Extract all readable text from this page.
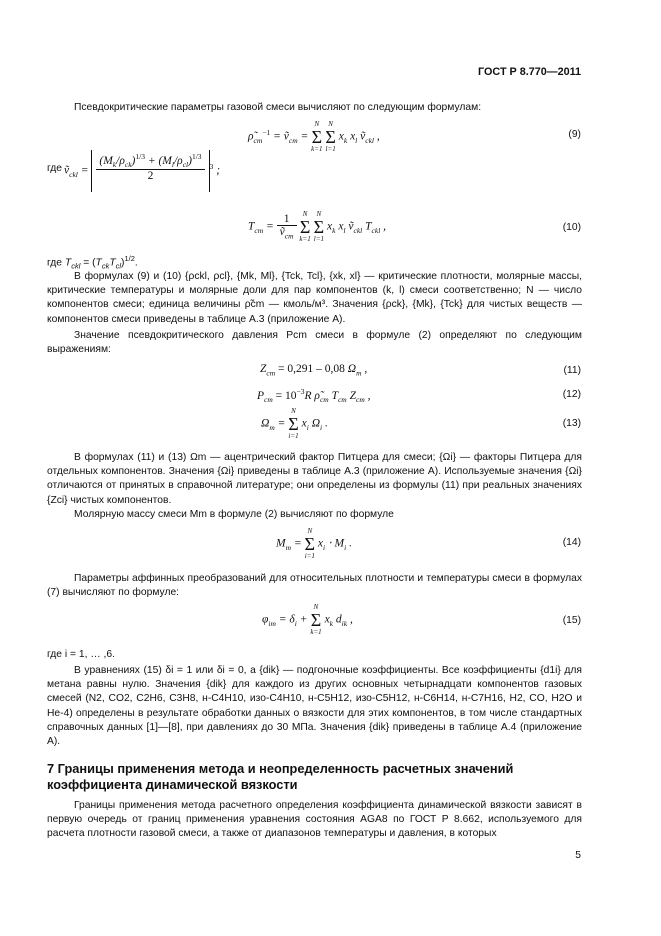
ГОСТ Р 8.770—2011
Псевдокритические параметры газовой смеси вычисляют по следующим формулам:
$\rhõ_{cm}^{-1}$ = ṽ$_{cm}$ =
N
Σ
k=1

N
Σ
l=1
$x_k$ $x_l$ ṽ$_{ckl}$ ,	(9)
где ṽ$_{ckl}$ = $\frac{(M_k/\rho_{ck})^{1/3} + (M_l/\rho_{cl})^{1/3}}{2} ^3$ ;
$T_{cm} = \frac{1}{ṽ_{cm}}$
N
Σ
k=1

N
Σ
l=1
$x_k$ $x_l$ ṽ$_{ckl}$ $T_{ckl}$ ,	(10)
где $T_{ckl} = (T_{ck}T_{cl})^{1/2}$.
В формулах (9) и (10) {ρckl, ρcl}, {Mk, Ml}, {Tck, Tcl}, {xk, xl} — критические плотности, молярные массы, критические температуры и молярные доли для пар компонентов (k, l) смеси соответственно; N — число компонентов смеси; единица величины ρ̃cm — кмоль/м³. Значения {ρck}, {Mk}, {Tck} для чистых веществ — компонентов смеси приведены в таблице А.3 (приложение А).
Значение псевдокритического давления Pcm смеси в формуле (2) определяют по следующим выражениям:
$Z_{cm} = 0,291 - 0,08$ $\Omega_m$ ,	(11)
$P_{cm} = 10^{-3}R$ $\rhõ_{cm}$ $T_{cm}$ $Z_{cm}$ ,	(12)
$\Omega_m$ =
N
Σ
i=1
$x_i$ $\Omega_i$ .	(13)
В формулах (11) и (13) Ωm — ацентрический фактор Питцера для смеси; {Ωi} — факторы Питцера для отдельных компонентов. Значения {Ωi} приведены в таблице А.3 (приложение А). Используемые значения {Ωi} отличаются от принятых в справочной литературе; они определены из формулы (11) при реальных значениях {Zci} чистых компонентов.
Молярную массу смеси Mm в формуле (2) вычисляют по формуле
$M_m$ =
N
Σ
i=1
$x_i \cdot M_i$ .	(14)
Параметры аффинных преобразований для относительных плотности и температуры смеси в формулах (7) вычисляют по формуле:
$\varphi_{im} = \delta_i$ +
N
Σ
k=1
$x_k$ $d_{ik}$ ,	(15)
где i = 1, … ,6.
В уравнениях (15) δi = 1 или δi = 0, а {dik} — подгоночные коэффициенты. Все коэффициенты {d1i} для метана равны нулю. Значения {dik} для каждого из других основных четырнадцати компонентов газовых смесей (N2, CO2, C2H6, C3H8, н-C4H10, изо-C4H10, н-C5H12, изо-C5H12, н-C6H14, н-C7H16, H2, CO, H2O и He-4) определены в результате обработки данных о вязкости для этих компонентов, в том числе стандартных справочных данных [1]—[8], при давлениях до 30 МПа. Значения {dik} приведены в таблице А.4 (приложение А).
7 Границы применения метода и неопределенность расчетных значений коэффициента динамической вязкости
Границы применения метода расчетного определения коэффициента динамической вязкости зависят в первую очередь от границ применения уравнения состояния AGA8 по ГОСТ Р 8.662, используемого для расчета плотности газовой смеси, а также от диапазонов температуры и давления, в которых
5
